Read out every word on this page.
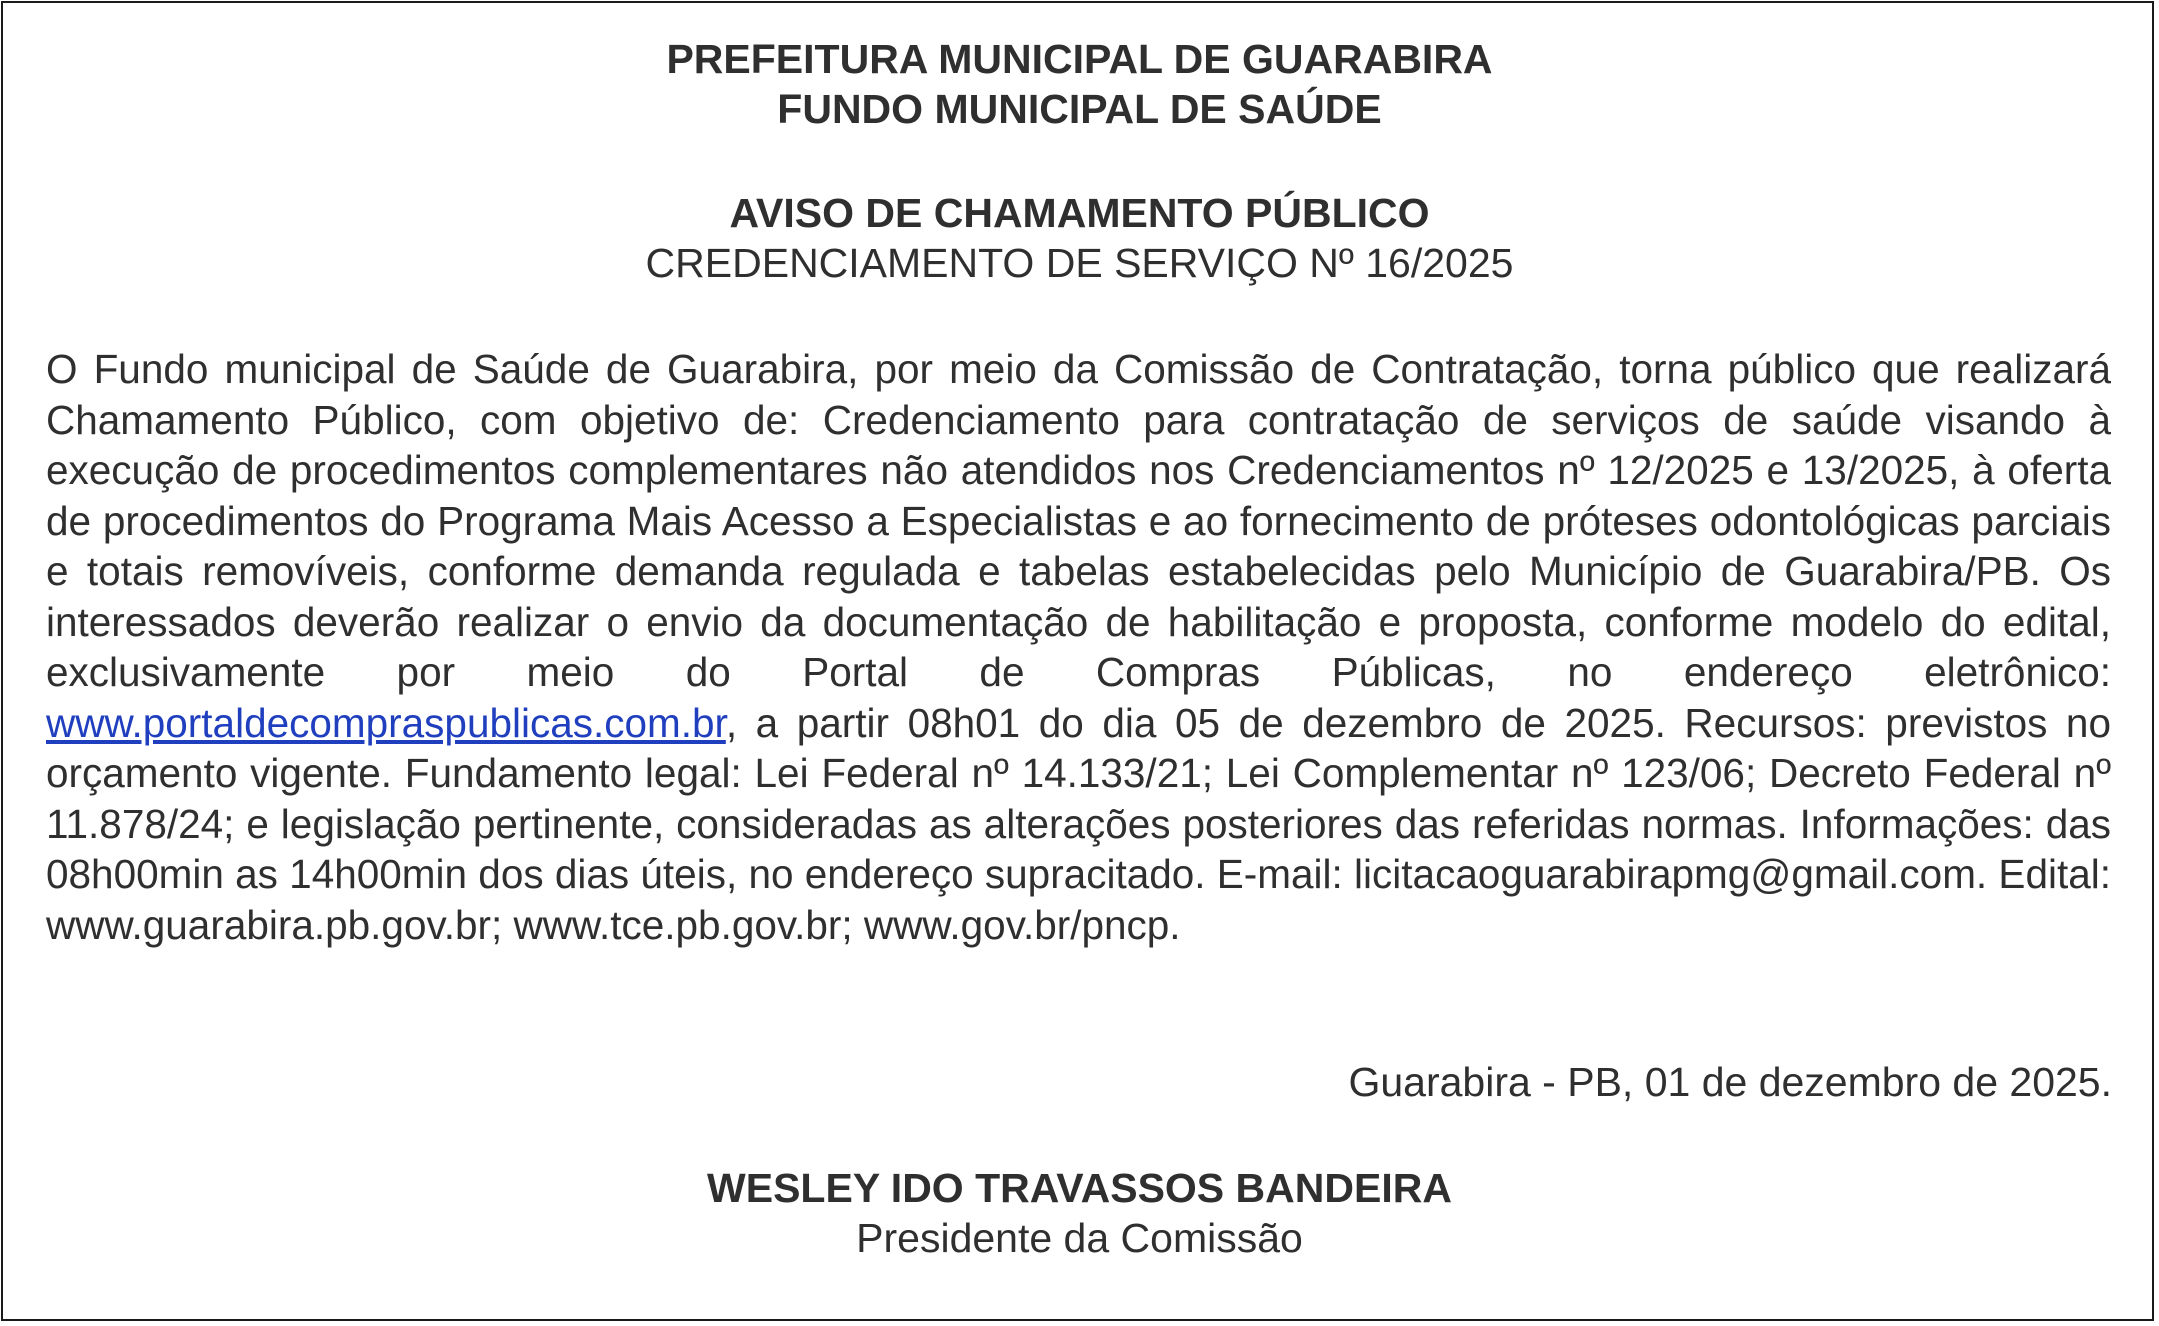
PREFEITURA MUNICIPAL DE GUARABIRA
FUNDO MUNICIPAL DE SAÚDE
AVISO DE CHAMAMENTO PÚBLICO
CREDENCIAMENTO DE SERVIÇO Nº 16/2025

O Fundo municipal de Saúde de Guarabira, por meio da Comissão de Contratação, torna público que realizará Chamamento Público, com objetivo de: Credenciamento para contratação de serviços de saúde visando à execução de procedimentos complementares não atendidos nos Credenciamentos nº 12/2025 e 13/2025, à oferta de procedimentos do Programa Mais Acesso a Especialistas e ao fornecimento de próteses odontológicas parciais e totais removíveis, conforme demanda regulada e tabelas estabelecidas pelo Município de Guarabira/PB. Os interessados deverão realizar o envio da documentação de habilitação e proposta, conforme modelo do edital, exclusivamente por meio do Portal de Compras Públicas, no endereço eletrônico: www.portaldecompraspublicas.com.br, a partir 08h01 do dia 05 de dezembro de 2025. Recursos: previstos no orçamento vigente. Fundamento legal: Lei Federal nº 14.133/21; Lei Complementar nº 123/06; Decreto Federal nº 11.878/24; e legislação pertinente, consideradas as alterações posteriores das referidas normas. Informações: das 08h00min as 14h00min dos dias úteis, no endereço supracitado. E-mail: licitacaoguarabirapmg@gmail.com. Edital: www.guarabira.pb.gov.br; www.tce.pb.gov.br; www.gov.br/pncp.

Guarabira - PB, 01 de dezembro de 2025.
WESLEY IDO TRAVASSOS BANDEIRA
Presidente da Comissão
